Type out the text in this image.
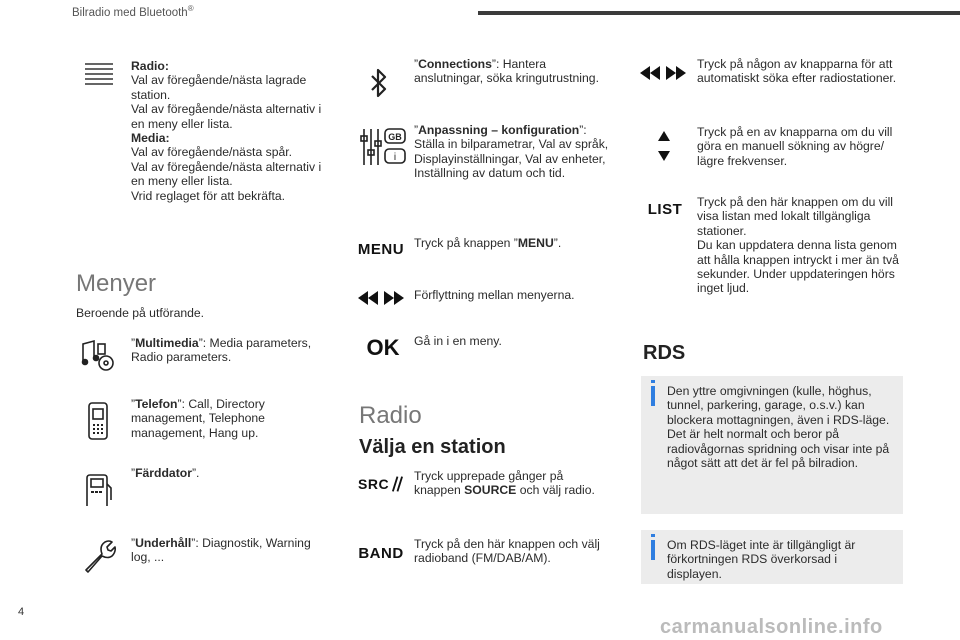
Bilradio med Bluetooth®
Radio:
Val av föregående/nästa lagrade station.
Val av föregående/nästa alternativ i en meny eller lista.
Media:
Val av föregående/nästa spår.
Val av föregående/nästa alternativ i en meny eller lista.
Vrid reglaget för att bekräfta.
Menyer
Beroende på utförande.
”Multimedia”: Media parameters, Radio parameters.
”Telefon”: Call, Directory management, Telephone management, Hang up.
”Färddator”.
”Underhåll”: Diagnostik, Warning log, ...
”Connections”: Hantera anslutningar, söka kringutrustning.
GB
i
”Anpassning – konfiguration”: Ställa in bilparametrar, Val av språk, Displayinställningar, Val av enheter, Inställning av datum och tid.
MENU Tryck på knappen ”MENU”.
Förflyttning mellan menyerna.
OK Gå in i en meny.
Radio
Välja en station
SRC Tryck upprepade gånger på knappen SOURCE och välj radio.
BAND
Tryck på den här knappen och välj radioband (FM/DAB/AM).
Tryck på någon av knapparna för att automatiskt söka efter radiostationer.
Tryck på en av knapparna om du vill göra en manuell sökning av högre/ lägre frekvenser.
LIST Tryck på den här knappen om du vill visa listan med lokalt tillgängliga stationer.
Du kan uppdatera denna lista genom att hålla knappen intryckt i mer än två sekunder. Under uppdateringen hörs inget ljud.
RDS
Den yttre omgivningen (kulle, höghus, tunnel, parkering, garage, o.s.v.) kan blockera mottagningen, även i RDS-läge. Det är helt normalt och beror på radiovågornas spridning och visar inte på något sätt att det är fel på bilradion.
Om RDS-läget inte är tillgängligt är förkortningen RDS överkorsad i displayen.
4
carmanualsonline.info
